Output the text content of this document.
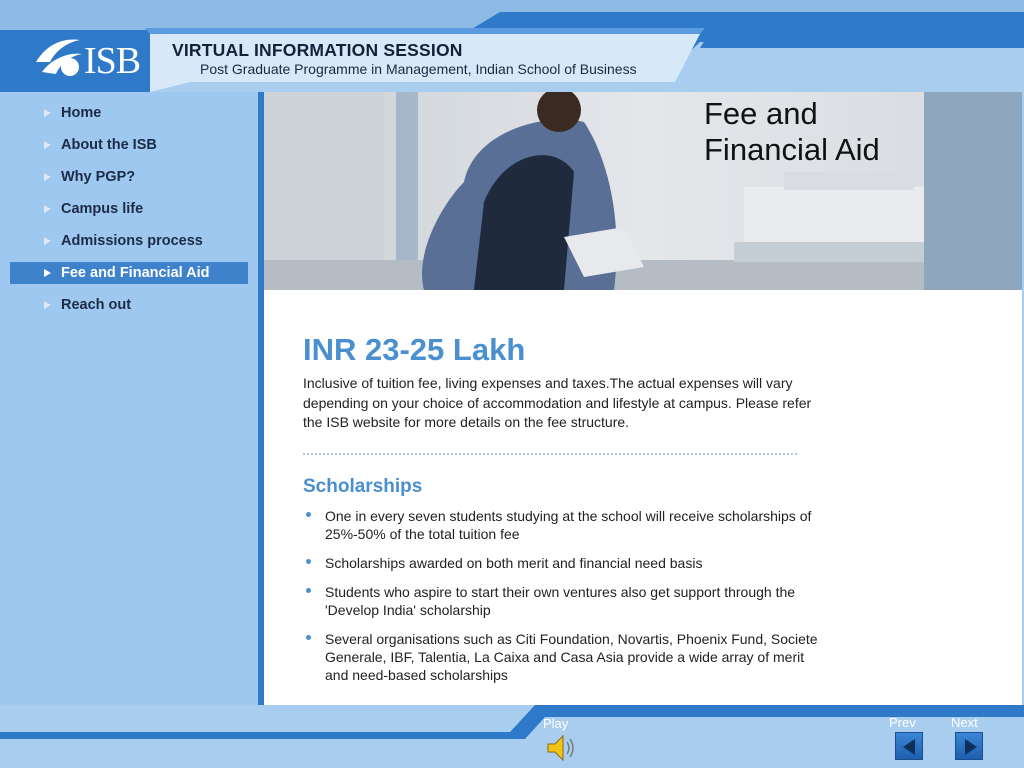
ISB VIRTUAL INFORMATION SESSION
Post Graduate Programme in Management, Indian School of Business
Home
About the ISB
Why PGP?
Campus life
Admissions process
Fee and Financial Aid
Reach out
Fee and
Financial Aid
INR 23-25 Lakh

Inclusive of tuition fee, living expenses and taxes.The actual expenses will vary depending on your choice of accommodation and lifestyle at campus. Please refer the ISB website for more details on the fee structure.

Scholarships
One in every seven students studying at the school will receive scholarships of 25%-50% of the total tuition fee
Scholarships awarded on both merit and financial need basis
Students who aspire to start their own ventures also get support through the 'Develop India' scholarship
Several organisations such as Citi Foundation, Novartis, Phoenix Fund, Societe Generale, IBF, Talentia, La Caixa and Casa Asia provide a wide array of merit and need-based scholarships
Play	Prev	Next
